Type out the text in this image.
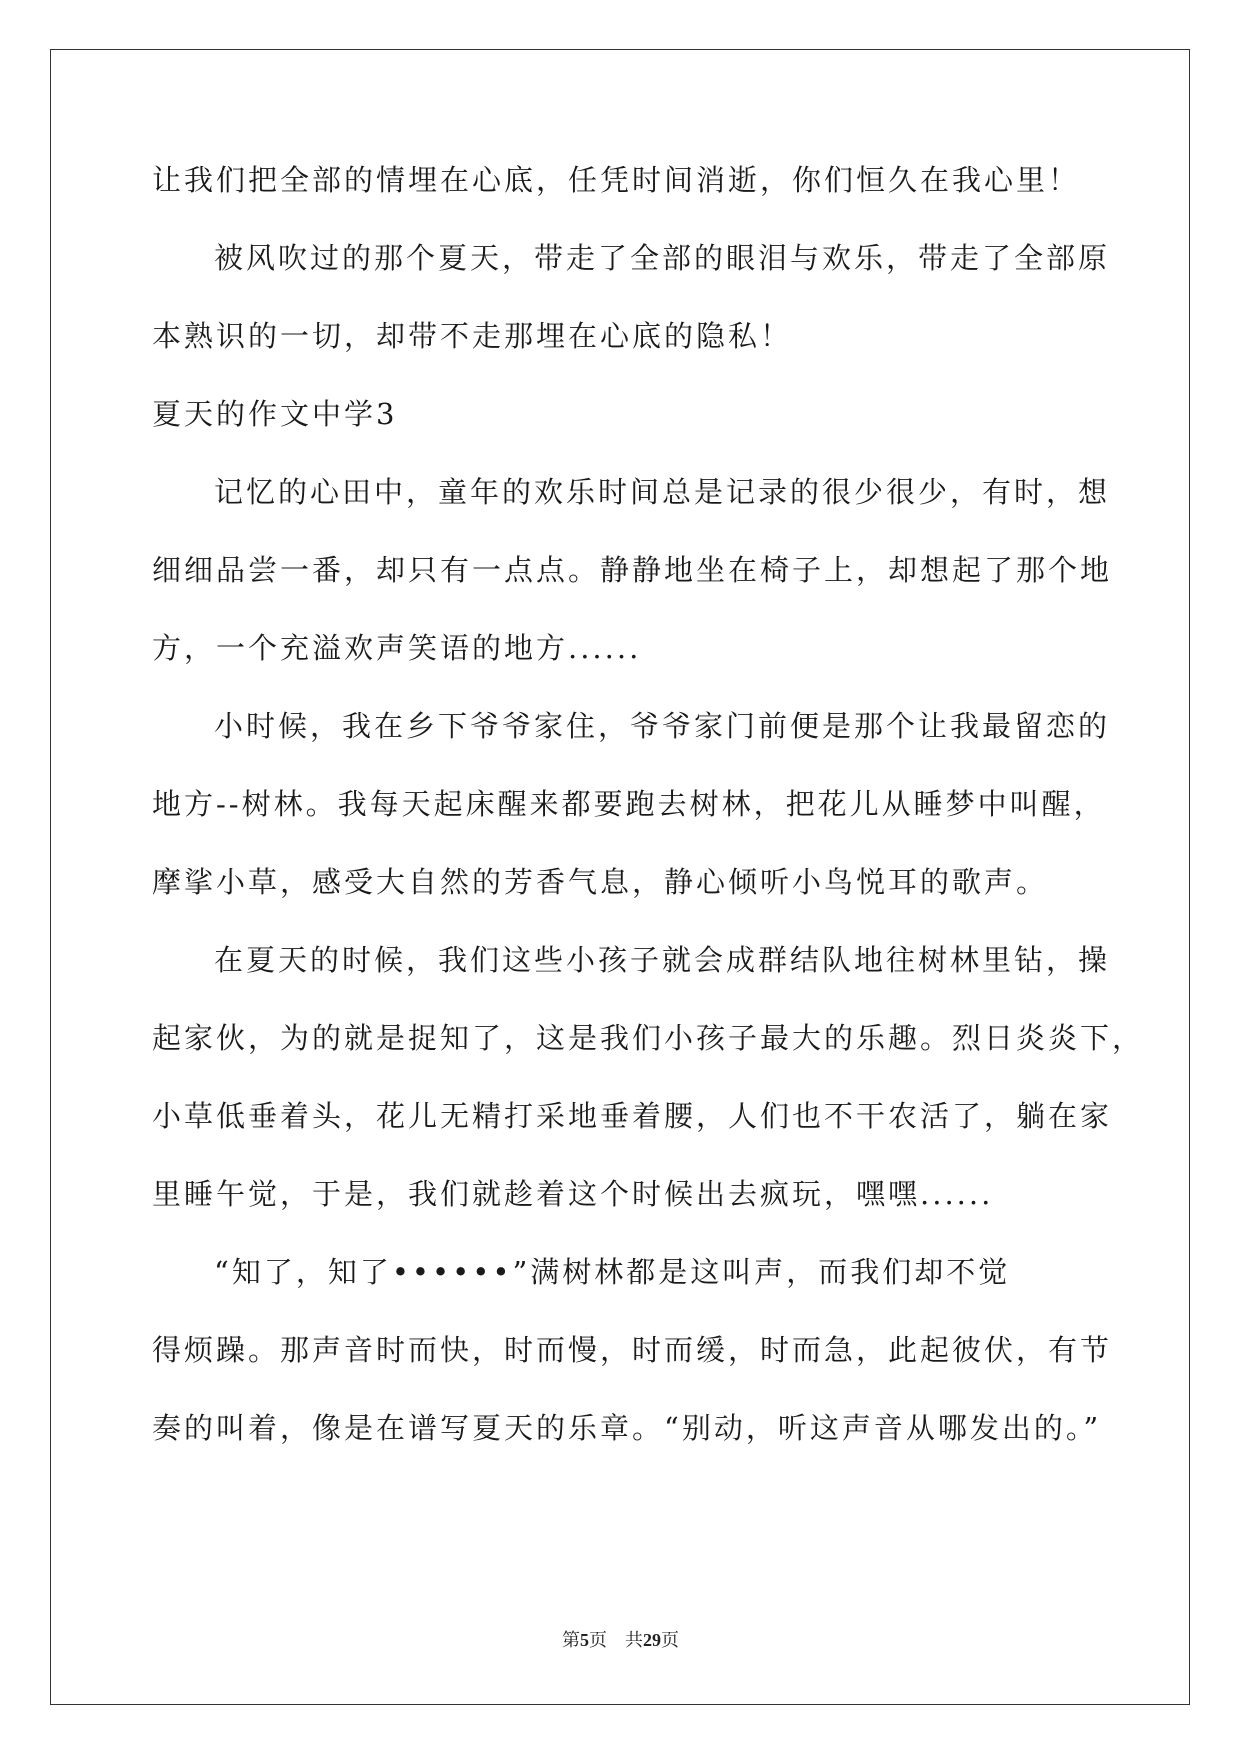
让我们把全部的情埋在心底，任凭时间消逝，你们恒久在我心里！

被风吹过的那个夏天，带走了全部的眼泪与欢乐，带走了全部原

本熟识的一切，却带不走那埋在心底的隐私！

夏天的作文中学3

记忆的心田中，童年的欢乐时间总是记录的很少很少，有时，想

细细品尝一番，却只有一点点。静静地坐在椅子上，却想起了那个地

方，一个充溢欢声笑语的地方......

小时候，我在乡下爷爷家住，爷爷家门前便是那个让我最留恋的

地方--树林。我每天起床醒来都要跑去树林，把花儿从睡梦中叫醒，

摩挲小草，感受大自然的芳香气息，静心倾听小鸟悦耳的歌声。

在夏天的时候，我们这些小孩子就会成群结队地往树林里钻，操

起家伙，为的就是捉知了，这是我们小孩子最大的乐趣。烈日炎炎下，

小草低垂着头，花儿无精打采地垂着腰，人们也不干农活了，躺在家

里睡午觉，于是，我们就趁着这个时候出去疯玩，嘿嘿......

“知了，知了••••••”满树林都是这叫声，而我们却不觉

得烦躁。那声音时而快，时而慢，时而缓，时而急，此起彼伏，有节

奏的叫着，像是在谱写夏天的乐章。“别动，听这声音从哪发出的。”

第5页 共29页
